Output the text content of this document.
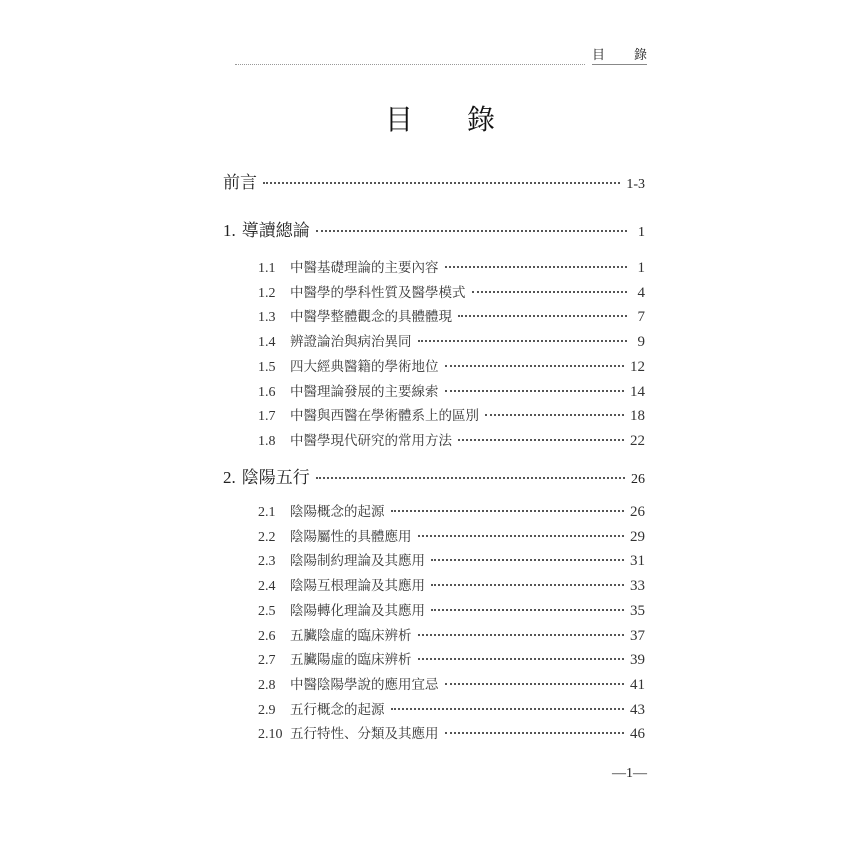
目 錄
目 錄
前言	1-3
1. 導讀總論	1
1.1	中醫基礎理論的主要內容	1
1.2	中醫學的學科性質及醫學模式	4
1.3	中醫學整體觀念的具體體現	7
1.4	辨證論治與病治異同	9
1.5	四大經典醫籍的學術地位	12
1.6	中醫理論發展的主要線索	14
1.7	中醫與西醫在學術體系上的區別	18
1.8	中醫學現代研究的常用方法	22
2. 陰陽五行	26
2.1	陰陽概念的起源	26
2.2	陰陽屬性的具體應用	29
2.3	陰陽制約理論及其應用	31
2.4	陰陽互根理論及其應用	33
2.5	陰陽轉化理論及其應用	35
2.6	五臟陰虛的臨床辨析	37
2.7	五臟陽虛的臨床辨析	39
2.8	中醫陰陽學說的應用宜忌	41
2.9	五行概念的起源	43
2.10 五行特性、分類及其應用	46
—1—
